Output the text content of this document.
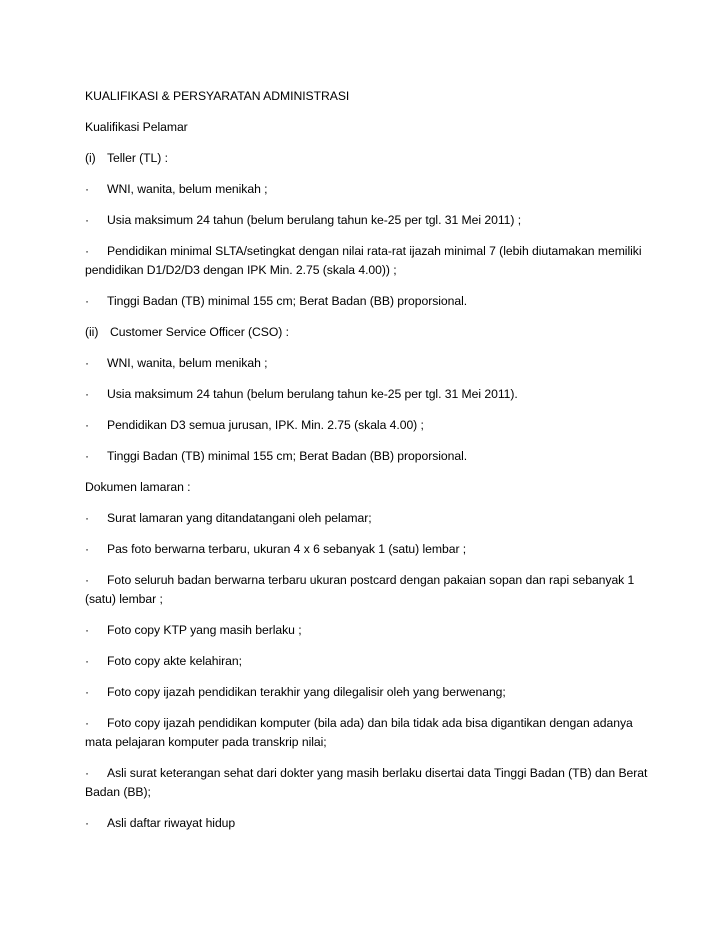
KUALIFIKASI & PERSYARATAN ADMINISTRASI
Kualifikasi Pelamar
(i) Teller (TL) :
· WNI, wanita, belum menikah ;
· Usia maksimum 24 tahun (belum berulang tahun ke-25 per tgl. 31 Mei 2011) ;
· Pendidikan minimal SLTA/setingkat dengan nilai rata-rat ijazah minimal 7 (lebih diutamakan memiliki
pendidikan D1/D2/D3 dengan IPK Min. 2.75 (skala 4.00)) ;
· Tinggi Badan (TB) minimal 155 cm; Berat Badan (BB) proporsional.
(ii) Customer Service Officer (CSO) :
· WNI, wanita, belum menikah ;
· Usia maksimum 24 tahun (belum berulang tahun ke-25 per tgl. 31 Mei 2011).
· Pendidikan D3 semua jurusan, IPK. Min. 2.75 (skala 4.00) ;
· Tinggi Badan (TB) minimal 155 cm; Berat Badan (BB) proporsional.
Dokumen lamaran :
· Surat lamaran yang ditandatangani oleh pelamar;
· Pas foto berwarna terbaru, ukuran 4 x 6 sebanyak 1 (satu) lembar ;
· Foto seluruh badan berwarna terbaru ukuran postcard dengan pakaian sopan dan rapi sebanyak 1
(satu) lembar ;
· Foto copy KTP yang masih berlaku ;
· Foto copy akte kelahiran;
· Foto copy ijazah pendidikan terakhir yang dilegalisir oleh yang berwenang;
· Foto copy ijazah pendidikan komputer (bila ada) dan bila tidak ada bisa digantikan dengan adanya
mata pelajaran komputer pada transkrip nilai;
· Asli surat keterangan sehat dari dokter yang masih berlaku disertai data Tinggi Badan (TB) dan Berat
Badan (BB);
· Asli daftar riwayat hidup
